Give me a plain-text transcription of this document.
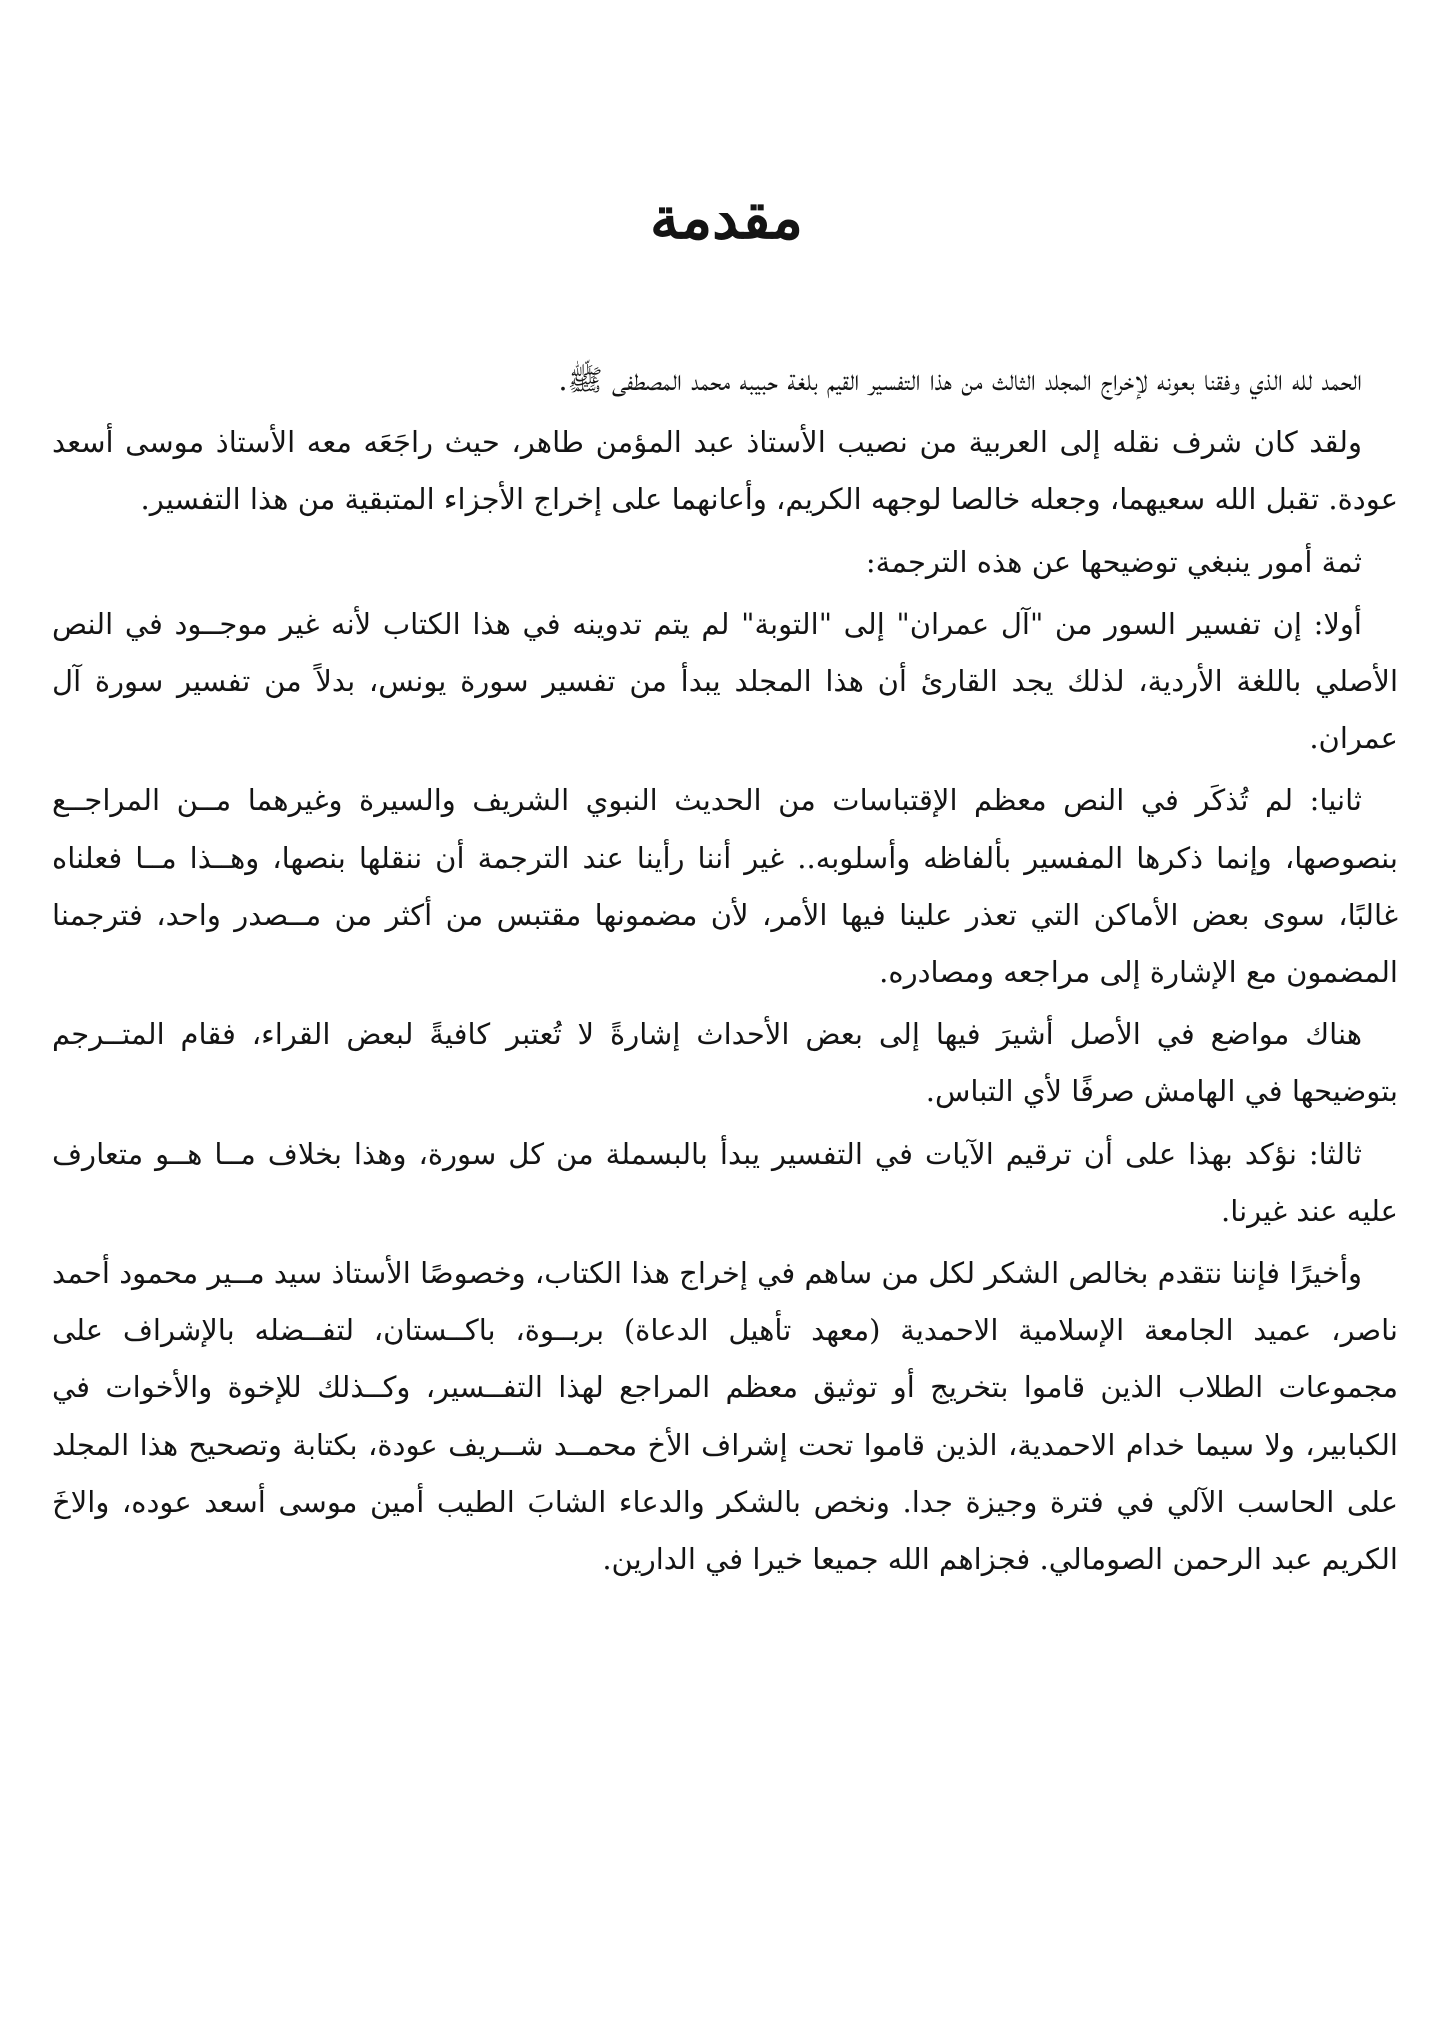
مقدمة

الحمد لله الذي وفقنا بعونه لإخراج المجلد الثالث من هذا التفسير القيم بلغة حبيبه محمد المصطفى ﷺ.

ولقد كان شرف نقله إلى العربية من نصيب الأستاذ عبد المؤمن طاهر، حيث راجَعَه معه الأستاذ موسى أسعد عودة. تقبل الله سعيهما، وجعله خالصا لوجهه الكريم، وأعانهما على إخراج الأجزاء المتبقية من هذا التفسير.

ثمة أمور ينبغي توضيحها عن هذه الترجمة:

أولا: إن تفسير السور من "آل عمران" إلى "التوبة" لم يتم تدوينه في هذا الكتاب لأنه غير موجــود في النص الأصلي باللغة الأردية، لذلك يجد القارئ أن هذا المجلد يبدأ من تفسير سورة يونس، بدلاً من تفسير سورة آل عمران.

ثانيا: لم تُذكَر في النص معظم الإقتباسات من الحديث النبوي الشريف والسيرة وغيرهما مــن المراجــع بنصوصها، وإنما ذكرها المفسير بألفاظه وأسلوبه.. غير أننا رأينا عند الترجمة أن ننقلها بنصها، وهــذا مــا فعلناه غالبًا، سوى بعض الأماكن التي تعذر علينا فيها الأمر، لأن مضمونها مقتبس من أكثر من مــصدر واحد، فترجمنا المضمون مع الإشارة إلى مراجعه ومصادره.

هناك مواضع في الأصل أشيرَ فيها إلى بعض الأحداث إشارةً لا تُعتبر كافيةً لبعض القراء، فقام المتــرجم بتوضيحها في الهامش صرفًا لأي التباس.

ثالثا: نؤكد بهذا على أن ترقيم الآيات في التفسير يبدأ بالبسملة من كل سورة، وهذا بخلاف مــا هــو متعارف عليه عند غيرنا.

وأخيرًا فإننا نتقدم بخالص الشكر لكل من ساهم في إخراج هذا الكتاب، وخصوصًا الأستاذ سيد مــير محمود أحمد ناصر، عميد الجامعة الإسلامية الاحمدية (معهد تأهيل الدعاة) بربــوة، باكــستان، لتفــضله بالإشراف على مجموعات الطلاب الذين قاموا بتخريج أو توثيق معظم المراجع لهذا التفــسير، وكــذلك للإخوة والأخوات في الكبابير، ولا سيما خدام الاحمدية، الذين قاموا تحت إشراف الأخ محمــد شــريف عودة، بكتابة وتصحيح هذا المجلد على الحاسب الآلي في فترة وجيزة جدا. ونخص بالشكر والدعاء الشابَ الطيب أمين موسى أسعد عوده، والاخَ الكريم عبد الرحمن الصومالي. فجزاهم الله جميعا خيرا في الدارين.
